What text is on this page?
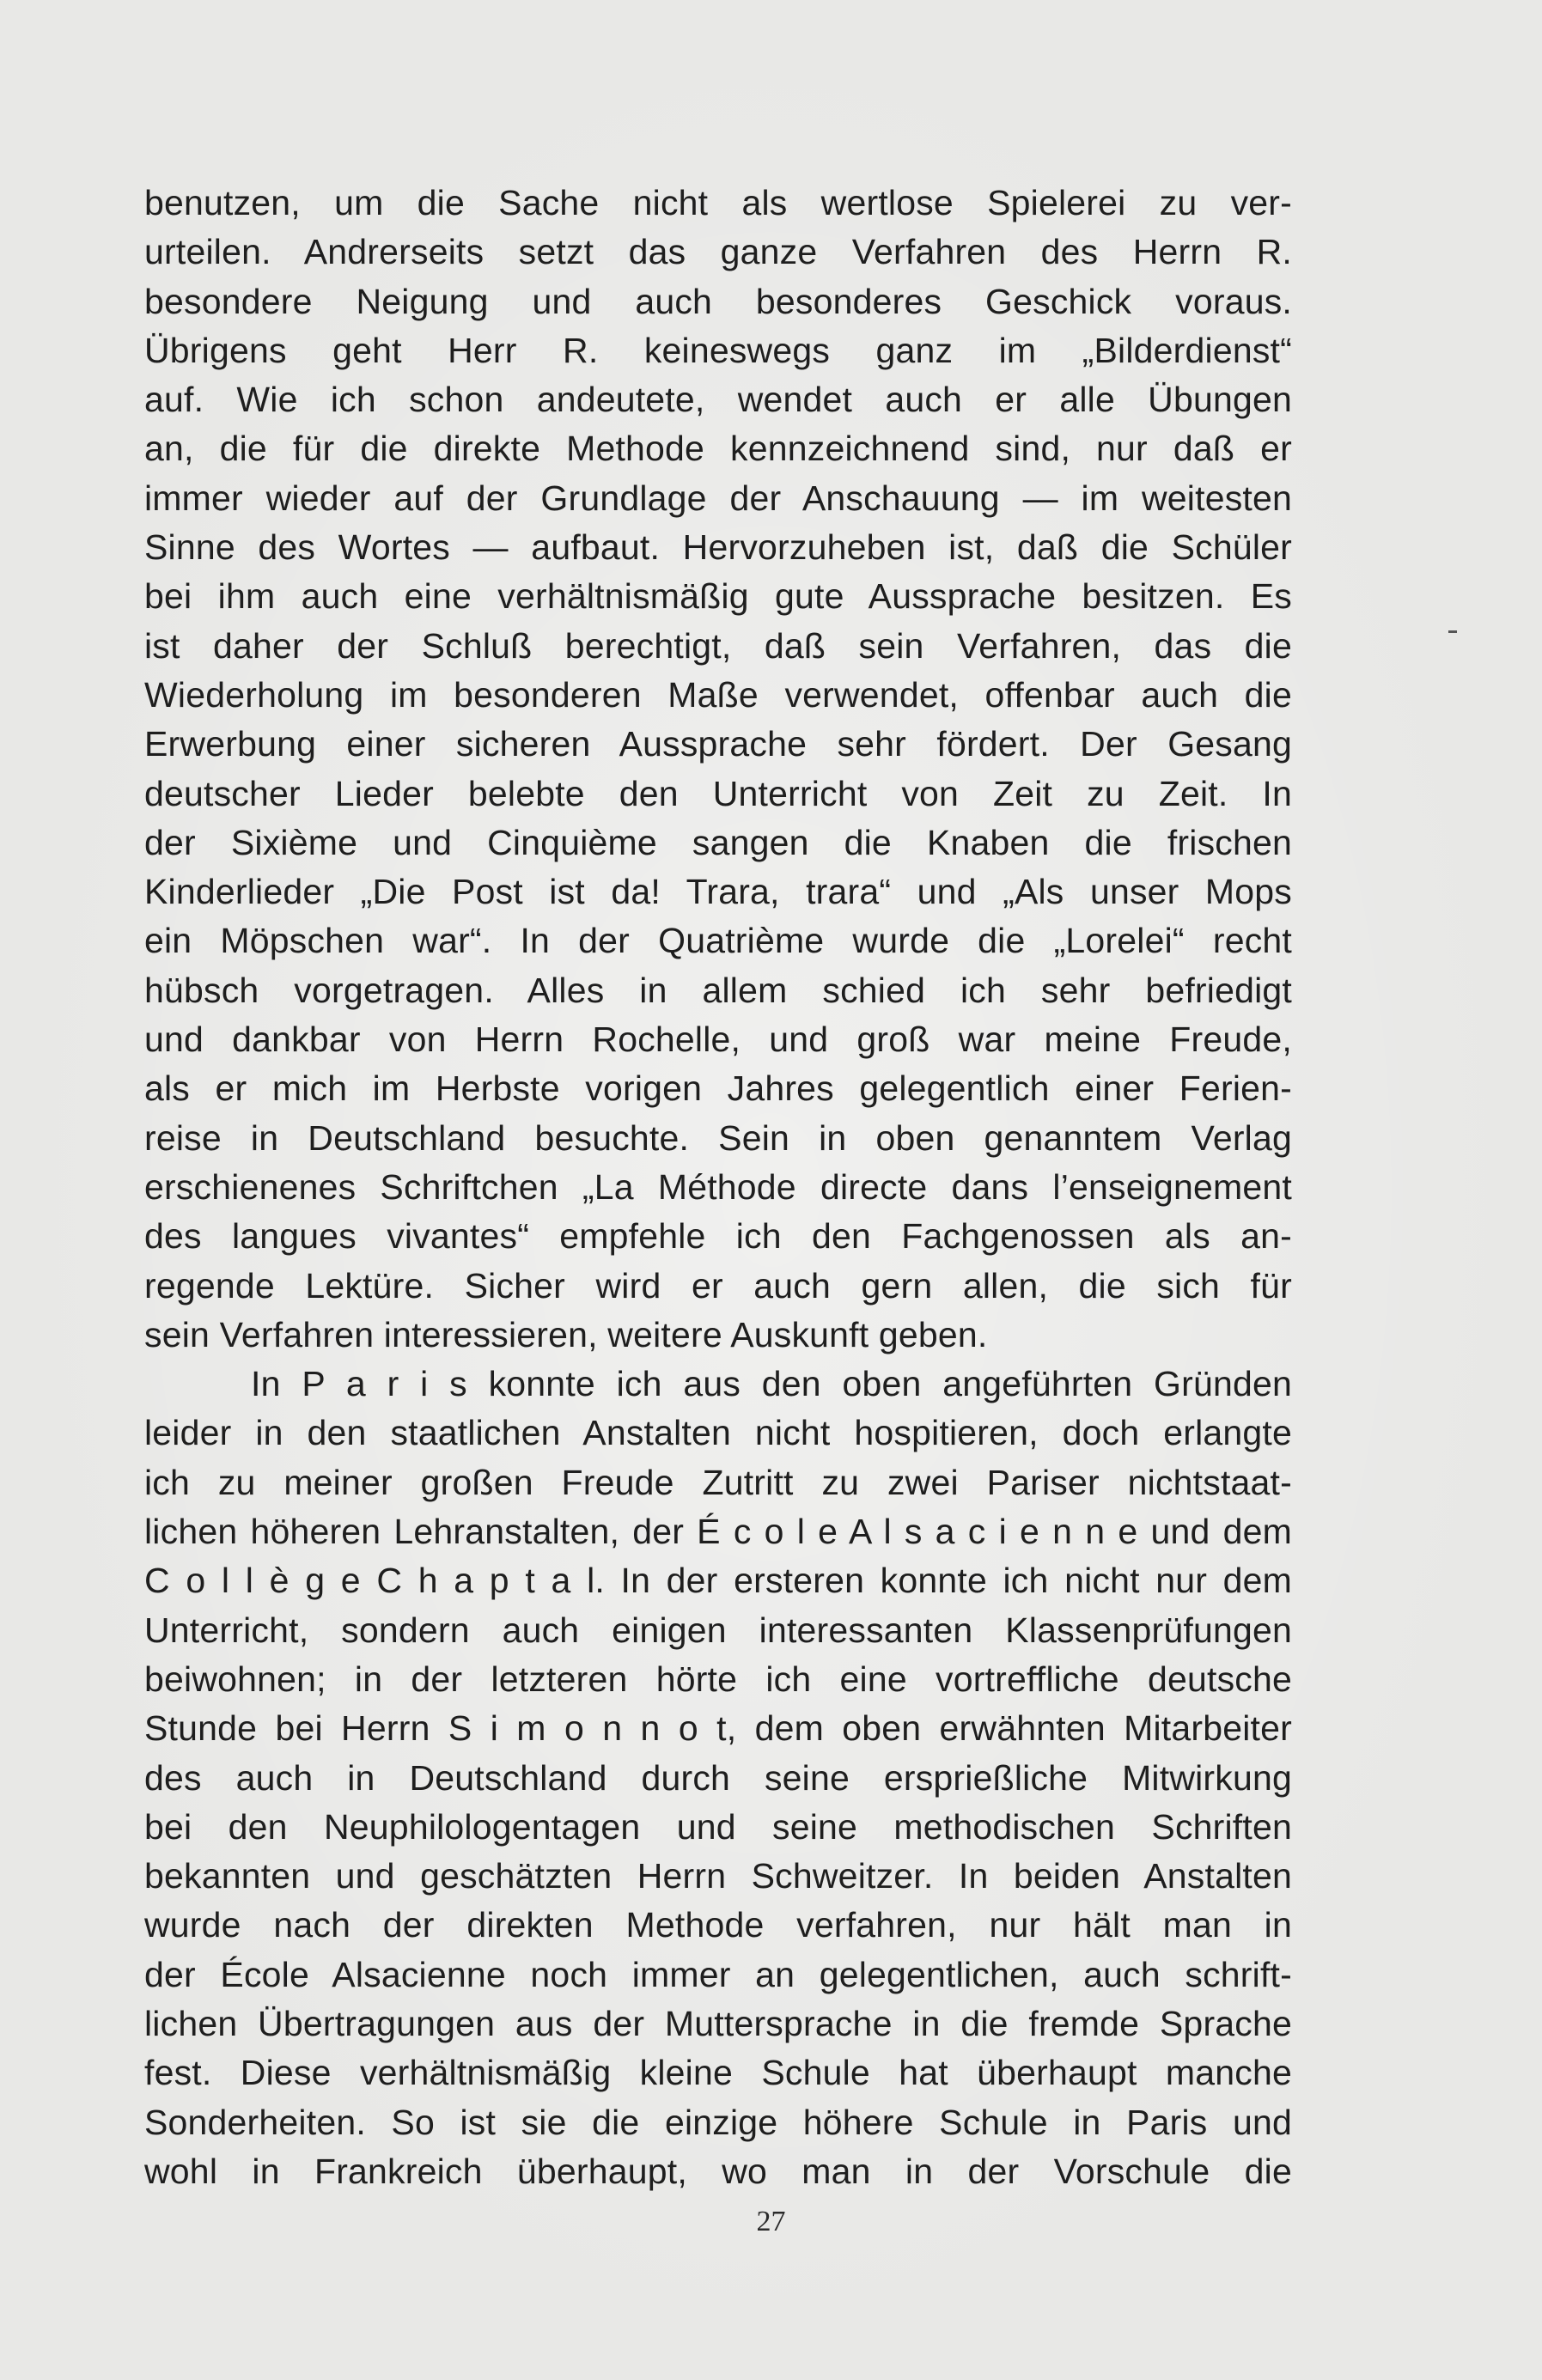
benutzen, um die Sache nicht als wertlose Spielerei zu ver-
urteilen. Andrerseits setzt das ganze Verfahren des Herrn R.
besondere Neigung und auch besonderes Geschick voraus.
Übrigens geht Herr R. keineswegs ganz im „Bilderdienst“
auf. Wie ich schon andeutete, wendet auch er alle Übungen
an, die für die direkte Methode kennzeichnend sind, nur daß er
immer wieder auf der Grundlage der Anschauung — im weitesten
Sinne des Wortes — aufbaut. Hervorzuheben ist, daß die Schüler
bei ihm auch eine verhältnismäßig gute Aussprache besitzen. Es
ist daher der Schluß berechtigt, daß sein Verfahren, das die
Wiederholung im besonderen Maße verwendet, offenbar auch die
Erwerbung einer sicheren Aussprache sehr fördert. Der Gesang
deutscher Lieder belebte den Unterricht von Zeit zu Zeit. In
der Sixième und Cinquième sangen die Knaben die frischen
Kinderlieder „Die Post ist da! Trara, trara“ und „Als unser Mops
ein Möpschen war“. In der Quatrième wurde die „Lorelei“ recht
hübsch vorgetragen. Alles in allem schied ich sehr befriedigt
und dankbar von Herrn Rochelle, und groß war meine Freude,
als er mich im Herbste vorigen Jahres gelegentlich einer Ferien-
reise in Deutschland besuchte. Sein in oben genanntem Verlag
erschienenes Schriftchen „La Méthode directe dans l’enseignement
des langues vivantes“ empfehle ich den Fachgenossen als an-
regende Lektüre. Sicher wird er auch gern allen, die sich für
sein Verfahren interessieren, weitere Auskunft geben.
In P a r i s konnte ich aus den oben angeführten Gründen
leider in den staatlichen Anstalten nicht hospitieren, doch erlangte
ich zu meiner großen Freude Zutritt zu zwei Pariser nichtstaat-
lichen höheren Lehranstalten, der É c o l e A l s a c i e n n e und dem
C o l l è g e C h a p t a l. In der ersteren konnte ich nicht nur dem
Unterricht, sondern auch einigen interessanten Klassenprüfungen
beiwohnen; in der letzteren hörte ich eine vortreffliche deutsche
Stunde bei Herrn S i m o n n o t, dem oben erwähnten Mitarbeiter
des auch in Deutschland durch seine ersprießliche Mitwirkung
bei den Neuphilologentagen und seine methodischen Schriften
bekannten und geschätzten Herrn Schweitzer. In beiden Anstalten
wurde nach der direkten Methode verfahren, nur hält man in
der École Alsacienne noch immer an gelegentlichen, auch schrift-
lichen Übertragungen aus der Muttersprache in die fremde Sprache
fest. Diese verhältnismäßig kleine Schule hat überhaupt manche
Sonderheiten. So ist sie die einzige höhere Schule in Paris und
wohl in Frankreich überhaupt, wo man in der Vorschule die
27
